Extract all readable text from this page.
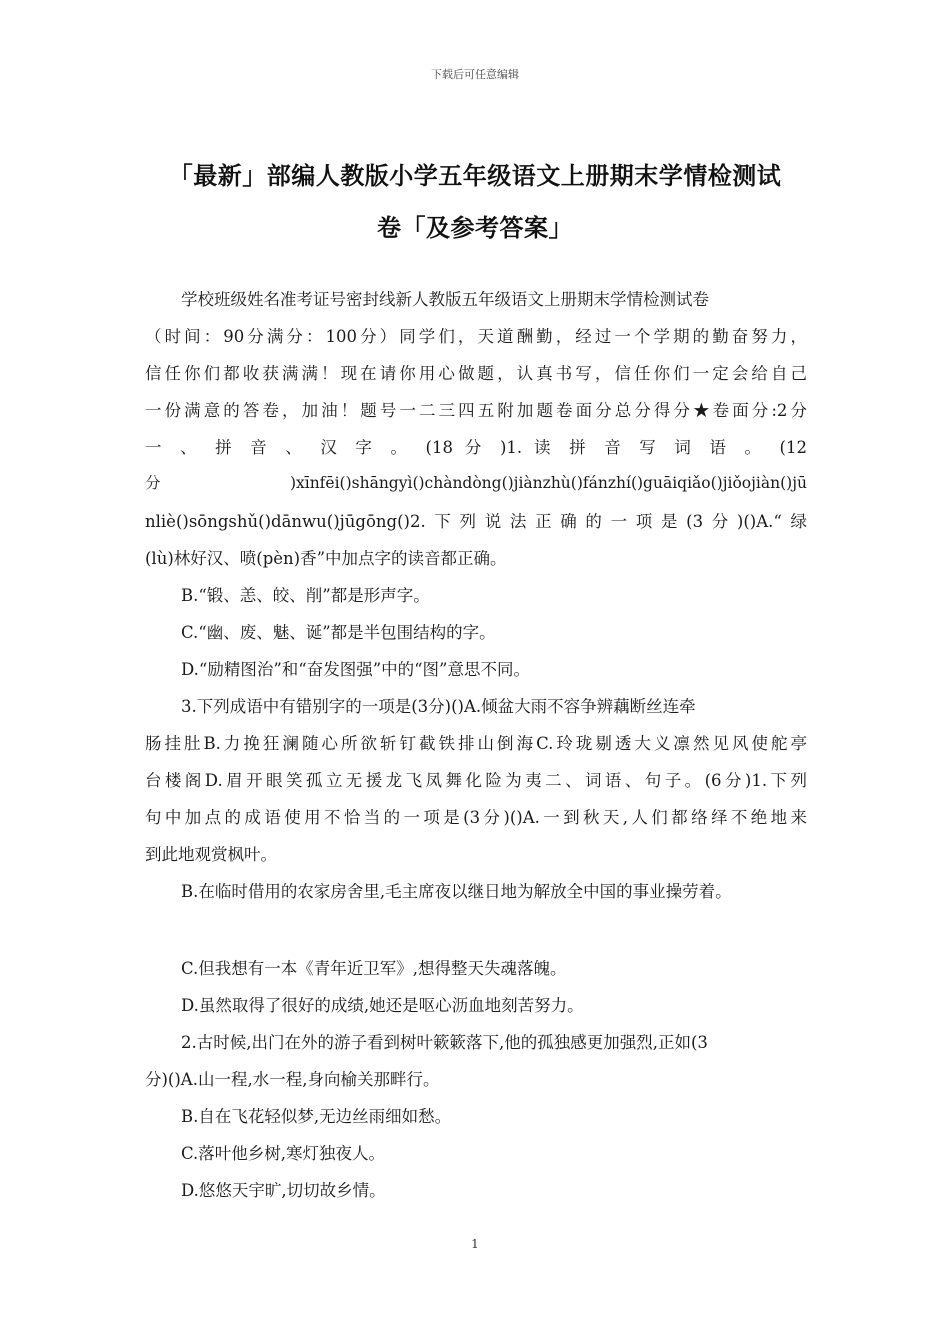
下载后可任意编辑
「最新」部编人教版小学五年级语文上册期末学情检测试
卷「及参考答案」
学校班级姓名准考证号密封线新人教版五年级语文上册期末学情检测试卷
（时间：90分满分：100分）同学们，天道酬勤，经过一个学期的勤奋努力，
信任你们都收获满满！现在请你用心做题，认真书写，信任你们一定会给自己
一份满意的答卷，加油！题号一二三四五附加题卷面分总分得分★卷面分:2分
一 、 拼 音 、 汉 字 。 (18 分 )1. 读 拼 音 写 词 语 。 (12
分)xīnfēi()shāngyì()chàndòng()jiànzhù()fánzhí()guāiqiǎo()jiǒojiàn()jū
nliè()sōngshǔ()dānwu()jūgōng()2.下列说法正确的一项是(3分)()A.“绿
(lù)林好汉、喷(pèn)香”中加点字的读音都正确。
B.“锻、恙、皎、削”都是形声字。
C.“幽、废、魅、诞”都是半包围结构的字。
D.“励精图治”和“奋发图强”中的“图”意思不同。
3.下列成语中有错别字的一项是(3分)()A.倾盆大雨不容争辨藕断丝连牵
肠挂肚B.力挽狂澜随心所欲斩钉截铁排山倒海C.玲珑剔透大义凛然见风使舵亭
台楼阁D.眉开眼笑孤立无援龙飞凤舞化险为夷二、词语、句子。(6分)1.下列
句中加点的成语使用不恰当的一项是(3分)()A.一到秋天,人们都络绎不绝地来
到此地观赏枫叶。
B.在临时借用的农家房舍里,毛主席夜以继日地为解放全中国的事业操劳着。
C.但我想有一本《青年近卫军》,想得整天失魂落魄。
D.虽然取得了很好的成绩,她还是呕心沥血地刻苦努力。
2.古时候,出门在外的游子看到树叶簌簌落下,他的孤独感更加强烈,正如(3
分)()A.山一程,水一程,身向榆关那畔行。
B.自在飞花轻似梦,无边丝雨细如愁。
C.落叶他乡树,寒灯独夜人。
D.悠悠天宇旷,切切故乡情。
1
